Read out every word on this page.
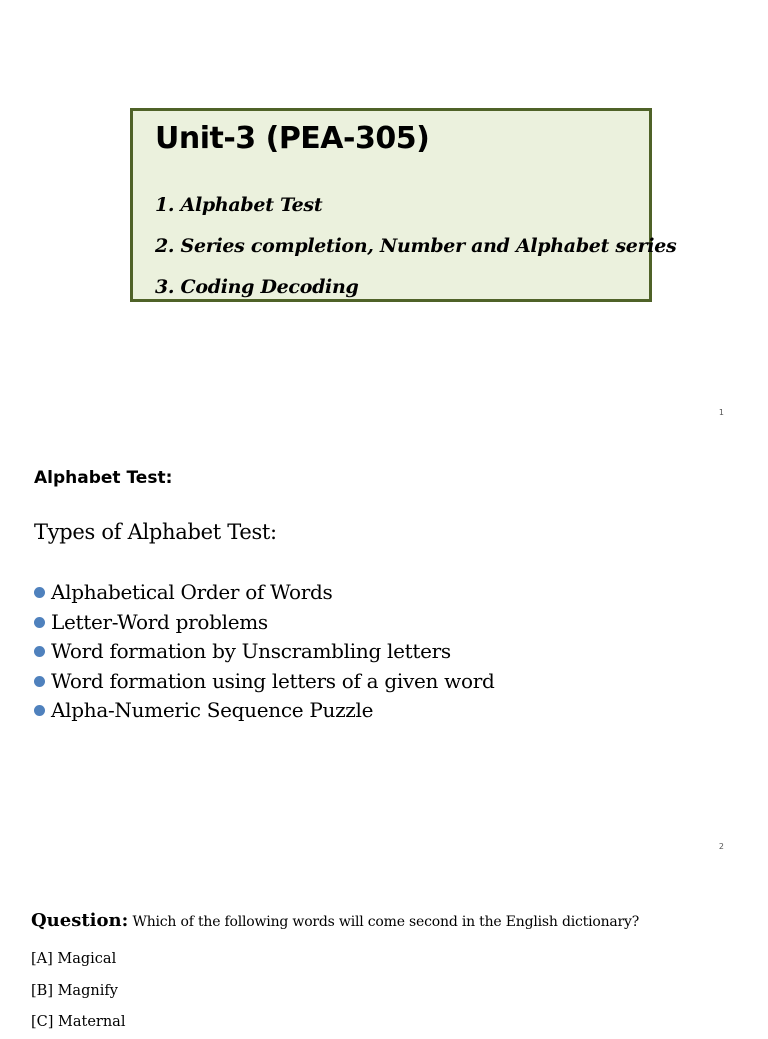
Unit-3 (PEA-305)
1. Alphabet Test
2. Series completion, Number and Alphabet series
3. Coding Decoding
1
Alphabet Test:

Types of Alphabet Test:

Alphabetical Order of Words
Letter-Word problems
Word formation by Unscrambling letters
Word formation using letters of a given word
Alpha-Numeric Sequence Puzzle
2

Question: Which of the following words will come second in the English dictionary?

[A] Magical
[B] Magnify
[C] Maternal
